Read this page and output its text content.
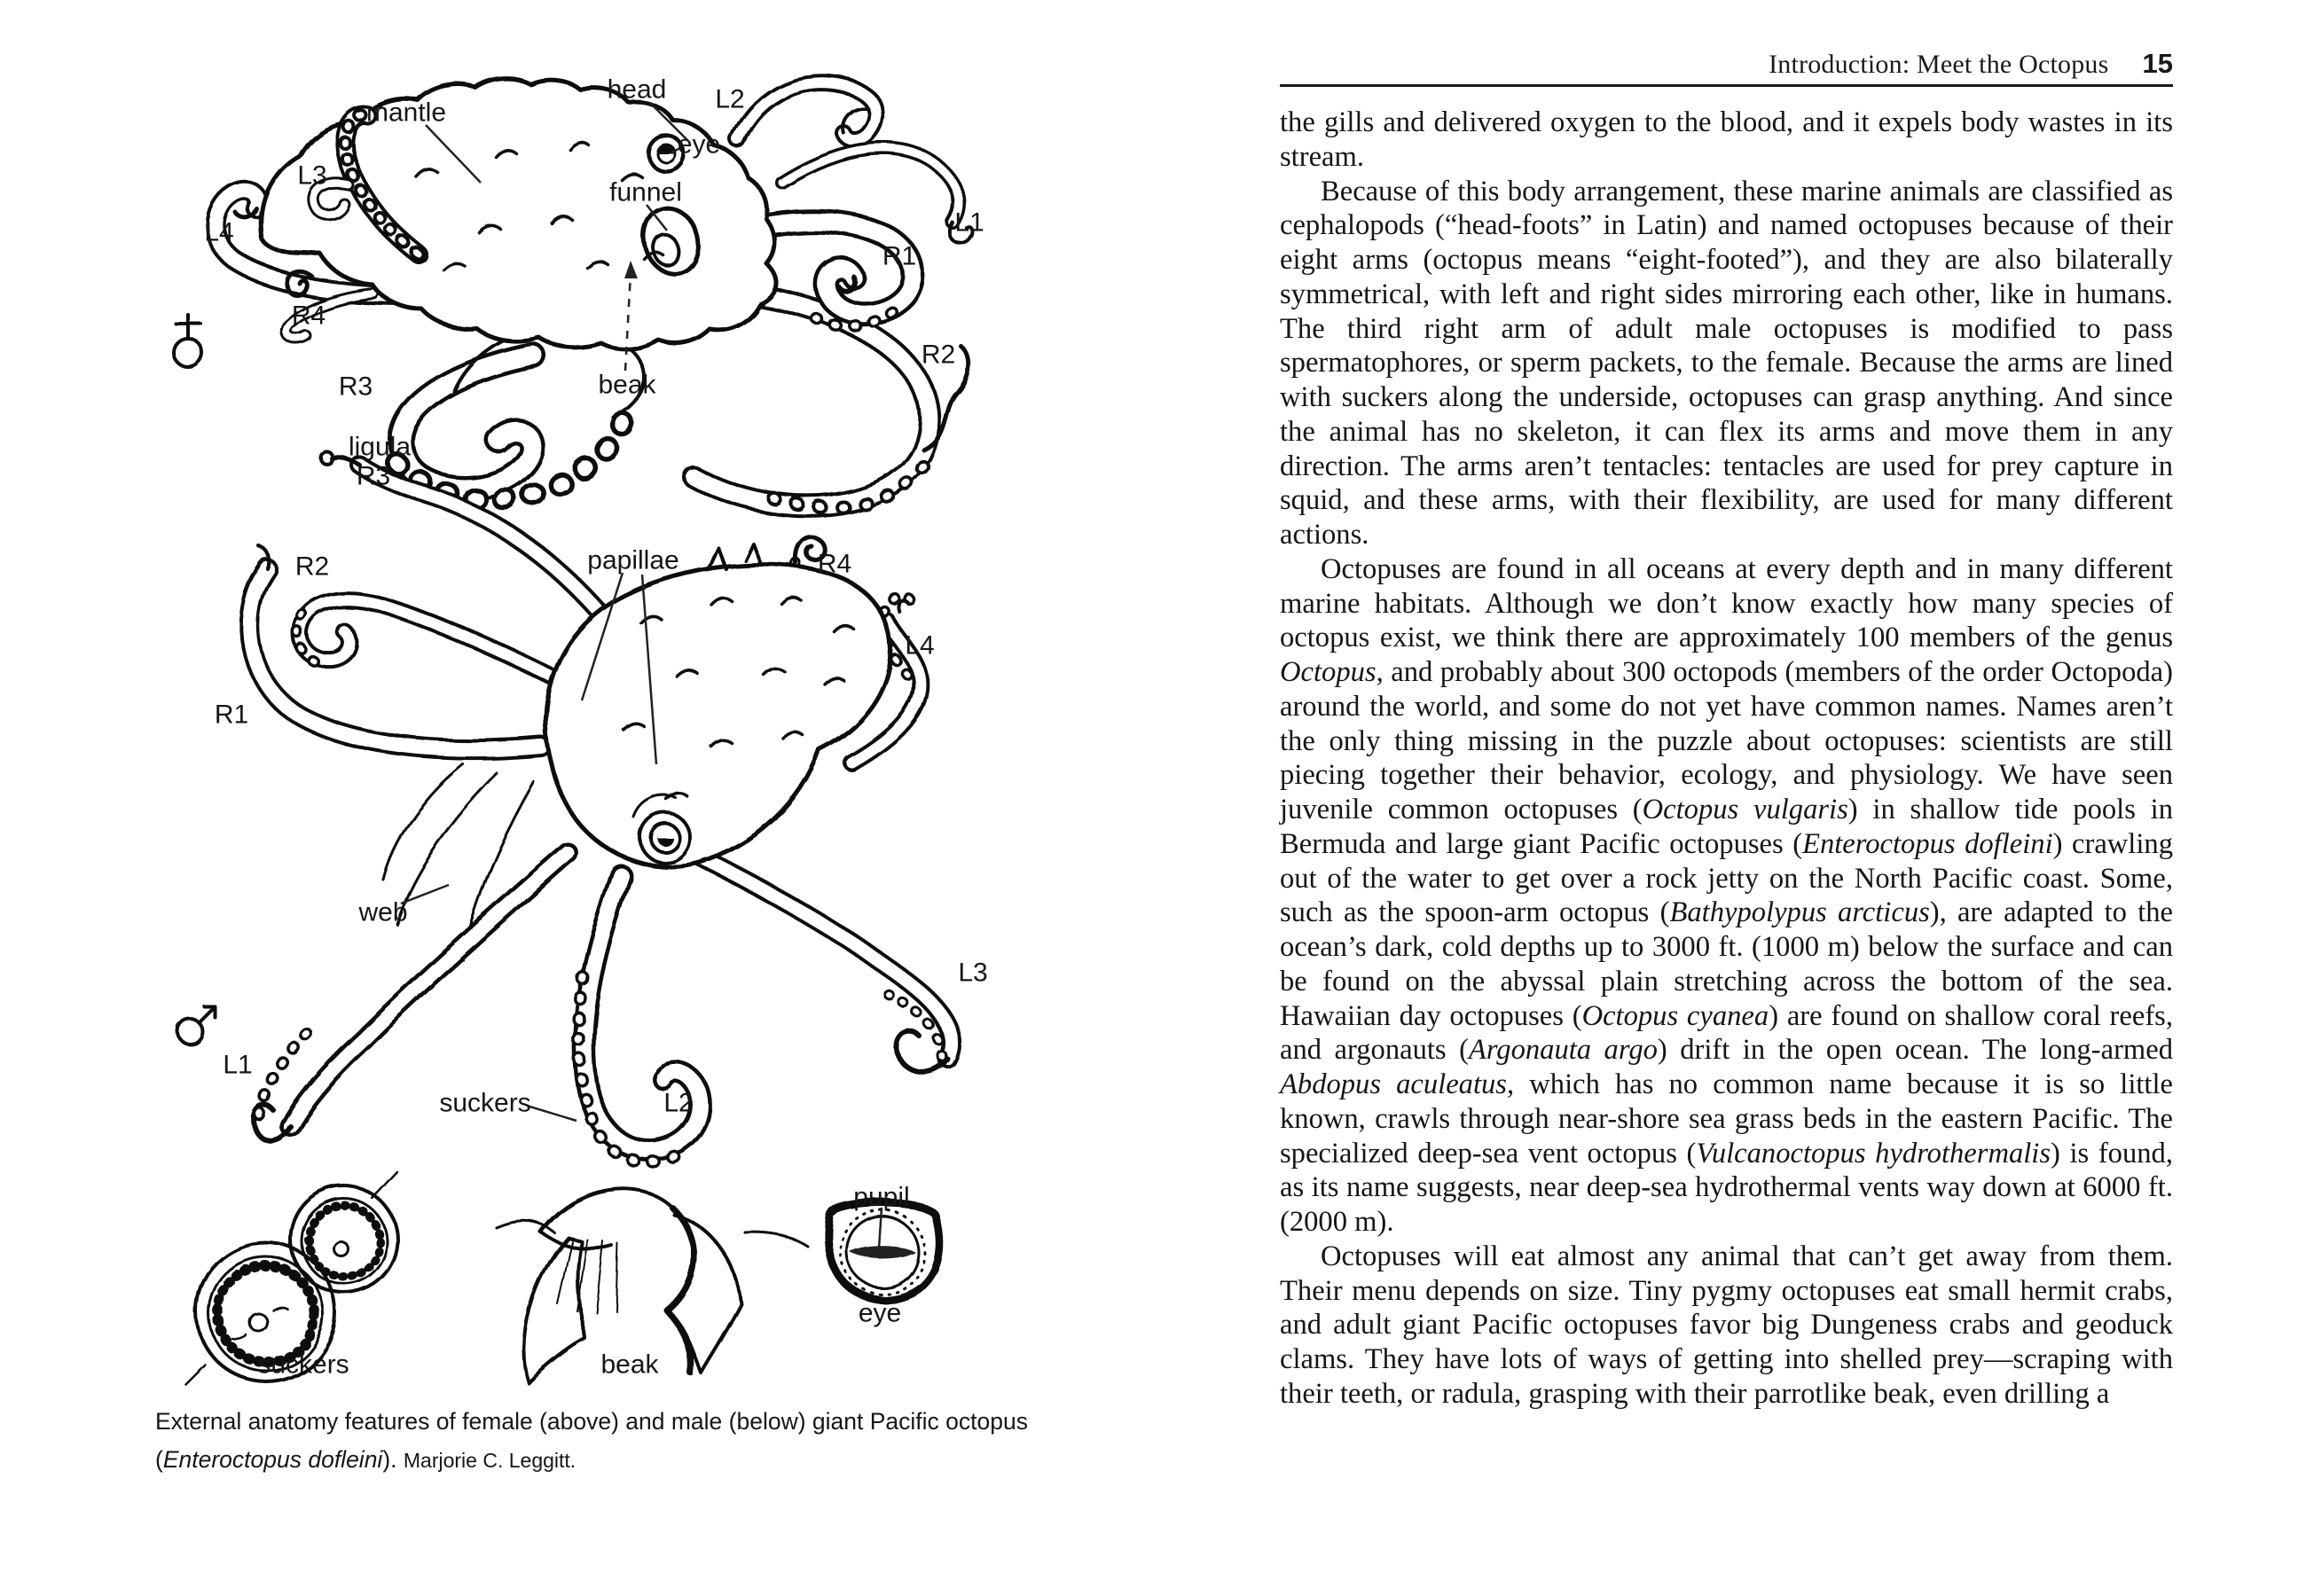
mantle
head L2
eye
L3
funnel
L4	L1
R1
R4
R2
R3	beak
ligula
R3
R2	papillae	R4
L4
R1
web
L3
L1
suckers	L2
pupil
eye
suckers	beak
External anatomy features of female (above) and male (below) giant Pacific octopus (Enteroctopus dofleini). Marjorie C. Leggitt.
Introduction: Meet the Octopus 15

the gills and delivered oxygen to the blood, and it expels body wastes in its stream.

Because of this body arrangement, these marine animals are classified as cephalopods (“head-foots” in Latin) and named octopuses because of their eight arms (octopus means “eight-footed”), and they are also bilaterally symmetrical, with left and right sides mirroring each other, like in humans. The third right arm of adult male octopuses is modified to pass spermatophores, or sperm packets, to the female. Because the arms are lined with suckers along the underside, octopuses can grasp anything. And since the animal has no skeleton, it can flex its arms and move them in any direction. The arms aren’t tentacles: tentacles are used for prey capture in squid, and these arms, with their flexibility, are used for many different actions.

Octopuses are found in all oceans at every depth and in many different marine habitats. Although we don’t know exactly how many species of octopus exist, we think there are approximately 100 members of the genus Octopus, and probably about 300 octopods (members of the order Octopoda) around the world, and some do not yet have common names. Names aren’t the only thing missing in the puzzle about octopuses: scientists are still piecing together their behavior, ecology, and physiology. We have seen juvenile common octopuses (Octopus vulgaris) in shallow tide pools in Bermuda and large giant Pacific octopuses (Enteroctopus dofleini) crawling out of the water to get over a rock jetty on the North Pacific coast. Some, such as the spoon-arm octopus (Bathypolypus arcticus), are adapted to the ocean’s dark, cold depths up to 3000 ft. (1000 m) below the surface and can be found on the abyssal plain stretching across the bottom of the sea. Hawaiian day octopuses (Octopus cyanea) are found on shallow coral reefs, and argonauts (Argonauta argo) drift in the open ocean. The long-armed Abdopus aculeatus, which has no common name because it is so little known, crawls through near-shore sea grass beds in the eastern Pacific. The specialized deep-sea vent octopus (Vulcanoctopus hydrothermalis) is found, as its name suggests, near deep-sea hydrothermal vents way down at 6000 ft. (2000 m).

Octopuses will eat almost any animal that can’t get away from them. Their menu depends on size. Tiny pygmy octopuses eat small hermit crabs, and adult giant Pacific octopuses favor big Dungeness crabs and geoduck clams. They have lots of ways of getting into shelled prey—scraping with their teeth, or radula, grasping with their parrotlike beak, even drilling a
